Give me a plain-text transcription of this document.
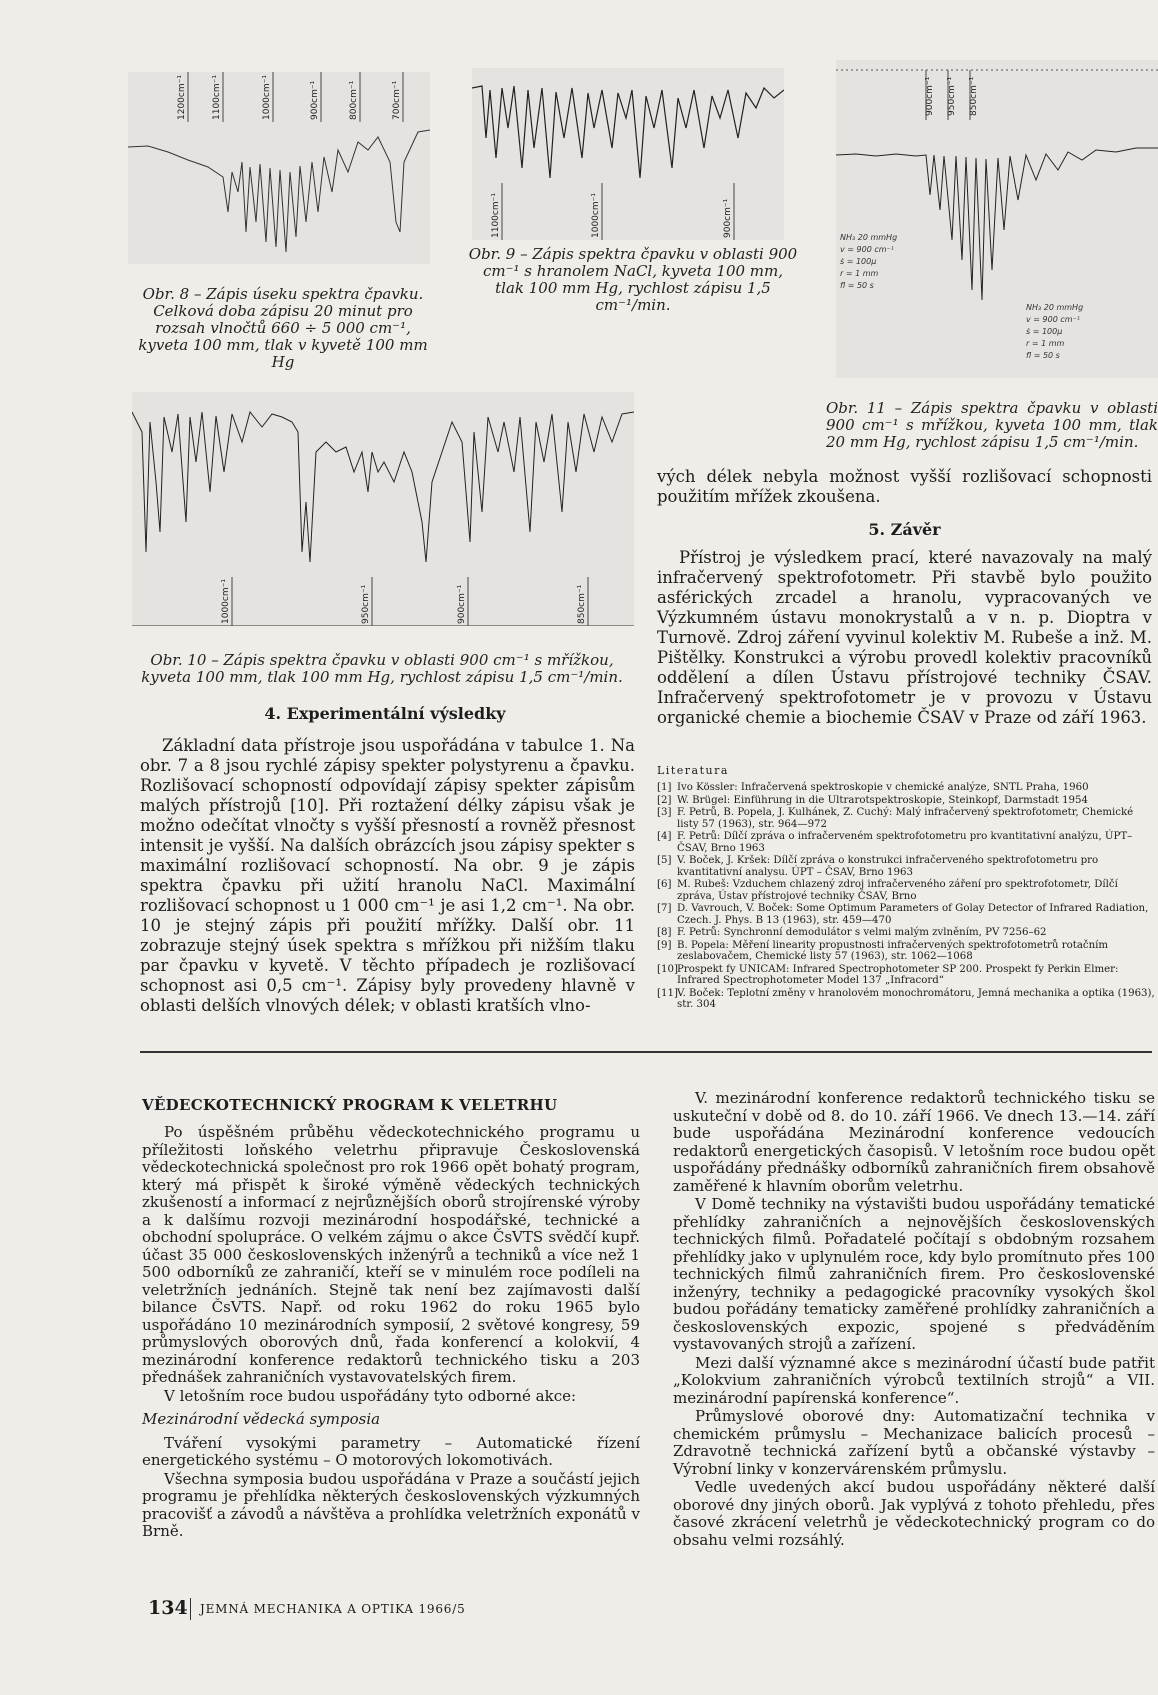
1200cm⁻¹	1100cm⁻¹	1000cm⁻¹	900cm⁻¹	800cm⁻¹	700cm⁻¹
Obr. 8 – Zápis úseku spektra čpavku. Celková doba zápisu 20 minut pro rozsah vlnočtů 660 ÷ 5 000 cm⁻¹, kyveta 100 mm, tlak v kyvetě 100 mm Hg
1100cm⁻¹	1000cm⁻¹	900cm⁻¹
Obr. 9 – Zápis spektra čpavku v oblasti 900 cm⁻¹ s hranolem NaCl, kyveta 100 mm, tlak 100 mm Hg, rychlost zápisu 1,5 cm⁻¹/min.
900cm⁻¹ 950cm⁻¹ 850cm⁻¹
NH₃ 20 mmHg
v = 900 cm⁻¹
ṡ = 100μ
r = 1 mm
fl = 50 s
NH₃ 20 mmHg
v = 900 cm⁻¹
ṡ = 100μ
r = 1 mm
fl = 50 s
Obr. 11 – Zápis spektra čpavku v oblasti 900 cm⁻¹ s mřížkou, kyveta 100 mm, tlak 20 mm Hg, rychlost zápisu 1,5 cm⁻¹/min.
1000cm⁻¹	950cm⁻¹	900cm⁻¹	850cm⁻¹
Obr. 10 – Zápis spektra čpavku v oblasti 900 cm⁻¹ s mřížkou, kyveta 100 mm, tlak 100 mm Hg, rychlost zápisu 1,5 cm⁻¹/min.
4. Experimentální výsledky

Základní data přístroje jsou uspořádána v tabulce 1. Na obr. 7 a 8 jsou rychlé zápisy spekter polystyrenu a čpavku. Rozlišovací schopností odpovídají zápisy spekter zápisům malých přístrojů [10]. Při roztažení délky zápisu však je možno odečítat vlnočty s vyšší přesností a rovněž přesnost intensit je vyšší. Na dalších obrázcích jsou zápisy spekter s maximální rozlišovací schopností. Na obr. 9 je zápis spektra čpavku při užití hranolu NaCl. Maximální rozlišovací schopnost u 1 000 cm⁻¹ je asi 1,2 cm⁻¹. Na obr. 10 je stejný zápis při použití mřížky. Další obr. 11 zobrazuje stejný úsek spektra s mřížkou při nižším tlaku par čpavku v kyvetě. V těchto případech je rozlišovací schopnost asi 0,5 cm⁻¹. Zápisy byly provedeny hlavně v oblasti delších vlnových délek; v oblasti kratších vlno-

vých délek nebyla možnost vyšší rozlišovací schopnosti použitím mřížek zkoušena.

5. Závěr

Přístroj je výsledkem prací, které navazovaly na malý infračervený spektrofotometr. Při stavbě bylo použito asférických zrcadel a hranolu, vypracovaných ve Výzkumném ústavu monokrystalů a v n. p. Dioptra v Turnově. Zdroj záření vyvinul kolektiv M. Rubeše a inž. M. Pištělky. Konstrukci a výrobu provedl kolektiv pracovníků oddělení a dílen Ústavu přístrojové techniky ČSAV. Infračervený spektrofotometr je v provozu v Ústavu organické chemie a biochemie ČSAV v Praze od září 1963.

Literatura
[1] Ivo Kössler: Infračervená spektroskopie v chemické analýze, SNTL Praha, 1960
[2] W. Brügel: Einführung in die Ultrarotspektroskopie, Steinkopf, Darmstadt 1954
[3] F. Petrů, B. Popela, J. Kulhánek, Z. Cuchý: Malý infračervený spektrofotometr, Chemické listy 57 (1963), str. 964—972
[4] F. Petrů: Dílčí zpráva o infračerveném spektrofotometru pro kvantitativní analýzu, ÚPT–ČSAV, Brno 1963
[5] V. Boček, J. Kršek: Dílčí zpráva o konstrukci infračerveného spektrofotometru pro kvantitativní analysu. ÚPT – ČSAV, Brno 1963
[6] M. Rubeš: Vzduchem chlazený zdroj infračerveného záření pro spektrofotometr, Dílčí zpráva, Ústav přístrojové techniky ČSAV, Brno
[7] D. Vavrouch, V. Boček: Some Optimum Parameters of Golay Detector of Infrared Radiation, Czech. J. Phys. B 13 (1963), str. 459—470
[8] F. Petrů: Synchronní demodulátor s velmi malým zvlněním, PV 7256–62
[9] B. Popela: Měření linearity propustnosti infračervených spektrofotometrů rotačním zeslabovačem, Chemické listy 57 (1963), str. 1062—1068
[10] Prospekt fy UNICAM: Infrared Spectrophotometer SP 200. Prospekt fy Perkin Elmer: Infrared Spectrophotometer Model 137 „Infracord“
[11] V. Boček: Teplotní změny v hranolovém monochromátoru, Jemná mechanika a optika (1963), str. 304
VĚDECKOTECHNICKÝ PROGRAM K VELETRHU

Po úspěšném průběhu vědeckotechnického programu u příležitosti loňského veletrhu připravuje Československá vědeckotechnická společnost pro rok 1966 opět bohatý program, který má přispět k široké výměně vědeckých technických zkušeností a informací z nejrůznějších oborů strojírenské výroby a k dalšímu rozvoji mezinárodní hospodářské, technické a obchodní spolupráce. O velkém zájmu o akce ČsVTS svědčí kupř. účast 35 000 československých inženýrů a techniků a více než 1 500 odborníků ze zahraničí, kteří se v minulém roce podíleli na veletržních jednáních. Stejně tak není bez zajímavosti další bilance ČsVTS. Např. od roku 1962 do roku 1965 bylo uspořádáno 10 mezinárodních symposií, 2 světové kongresy, 59 průmyslových oborových dnů, řada konferencí a kolokvií, 4 mezinárodní konference redaktorů technického tisku a 203 přednášek zahraničních vystavovatelských firem.

V letošním roce budou uspořádány tyto odborné akce:

Mezinárodní vědecká symposia

Tváření vysokými parametry – Automatické řízení energetického systému – O motorových lokomotivách.

Všechna symposia budou uspořádána v Praze a součástí jejich programu je přehlídka některých československých výzkumných pracovišť a závodů a návštěva a prohlídka veletržních exponátů v Brně.

V. mezinárodní konference redaktorů technického tisku se uskuteční v době od 8. do 10. září 1966. Ve dnech 13.—14. září bude uspořádána Mezinárodní konference vedoucích redaktorů energetických časopisů. V letošním roce budou opět uspořádány přednášky odborníků zahraničních firem obsahově zaměřené k hlavním oborům veletrhu.

V Domě techniky na výstavišti budou uspořádány tematické přehlídky zahraničních a nejnovějších československých technických filmů. Pořadatelé počítají s obdobným rozsahem přehlídky jako v uplynulém roce, kdy bylo promítnuto přes 100 technických filmů zahraničních firem. Pro československé inženýry, techniky a pedagogické pracovníky vysokých škol budou pořádány tematicky zaměřené prohlídky zahraničních a československých expozic, spojené s předváděním vystavovaných strojů a zařízení.

Mezi další významné akce s mezinárodní účastí bude patřit „Kolokvium zahraničních výrobců textilních strojů“ a VII. mezinárodní papírenská konference“.

Průmyslové oborové dny: Automatizační technika v chemickém průmyslu – Mechanizace balicích procesů – Zdravotně technická zařízení bytů a občanské výstavby – Výrobní linky v konzervárenském průmyslu.

Vedle uvedených akcí budou uspořádány některé další oborové dny jiných oborů. Jak vyplývá z tohoto přehledu, přes časové zkrácení veletrhů je vědeckotechnický program co do obsahu velmi rozsáhlý.

134 JEMNÁ MECHANIKA A OPTIKA 1966/5
